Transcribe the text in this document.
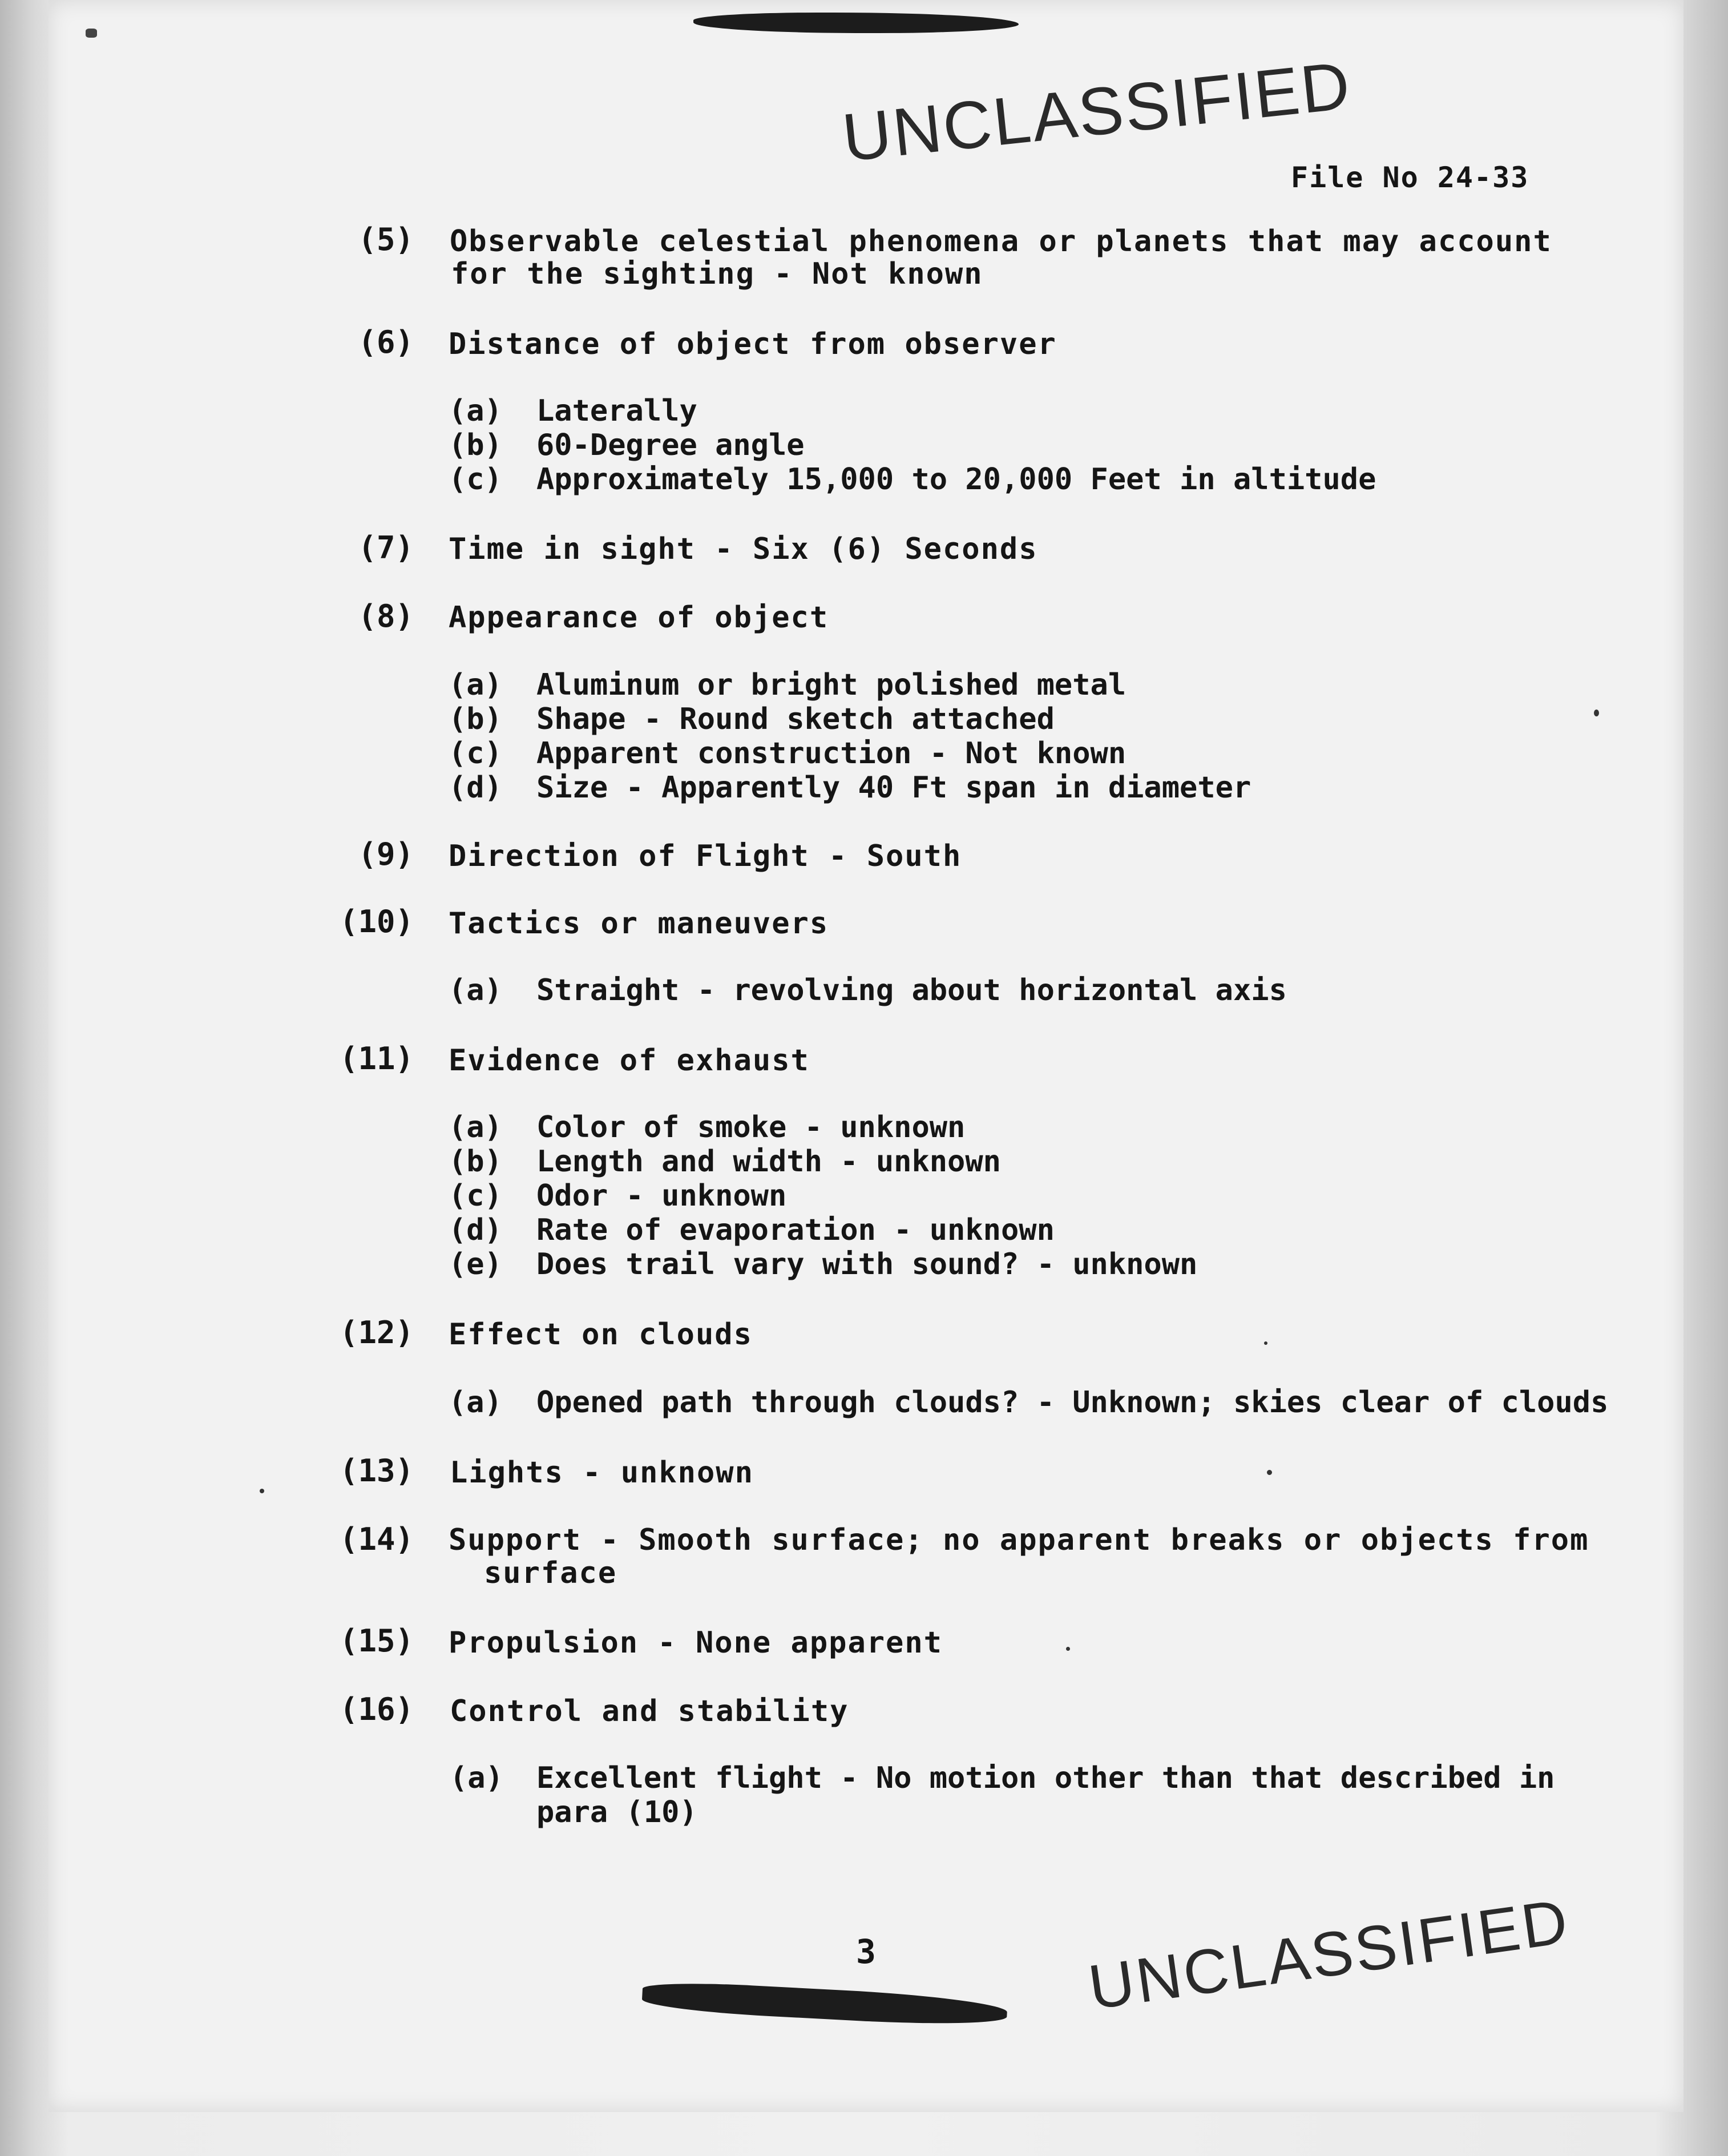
UNCLASSIFIED
File No 24-33
(5) Observable celestial phenomena or planets that may account
for the sighting - Not known
(6) Distance of object from observer
(a) Laterally
(b) 60-Degree angle
(c) Approximately 15,000 to 20,000 Feet in altitude
(7) Time in sight - Six (6) Seconds
(8) Appearance of object
(a) Aluminum or bright polished metal
(b) Shape - Round sketch attached
(c) Apparent construction - Not known
(d) Size - Apparently 40 Ft span in diameter
(9) Direction of Flight - South
(10) Tactics or maneuvers
(a) Straight - revolving about horizontal axis
(11) Evidence of exhaust
(a) Color of smoke - unknown
(b) Length and width - unknown
(c) Odor - unknown
(d) Rate of evaporation - unknown
(e) Does trail vary with sound? - unknown
(12) Effect on clouds
(a) Opened path through clouds? - Unknown; skies clear of clouds
(13) Lights - unknown
(14) Support - Smooth surface; no apparent breaks or objects from
surface
(15) Propulsion - None apparent
(16) Control and stability
(a) Excellent flight - No motion other than that described in
para (10)
3	UNCLASSIFIED
